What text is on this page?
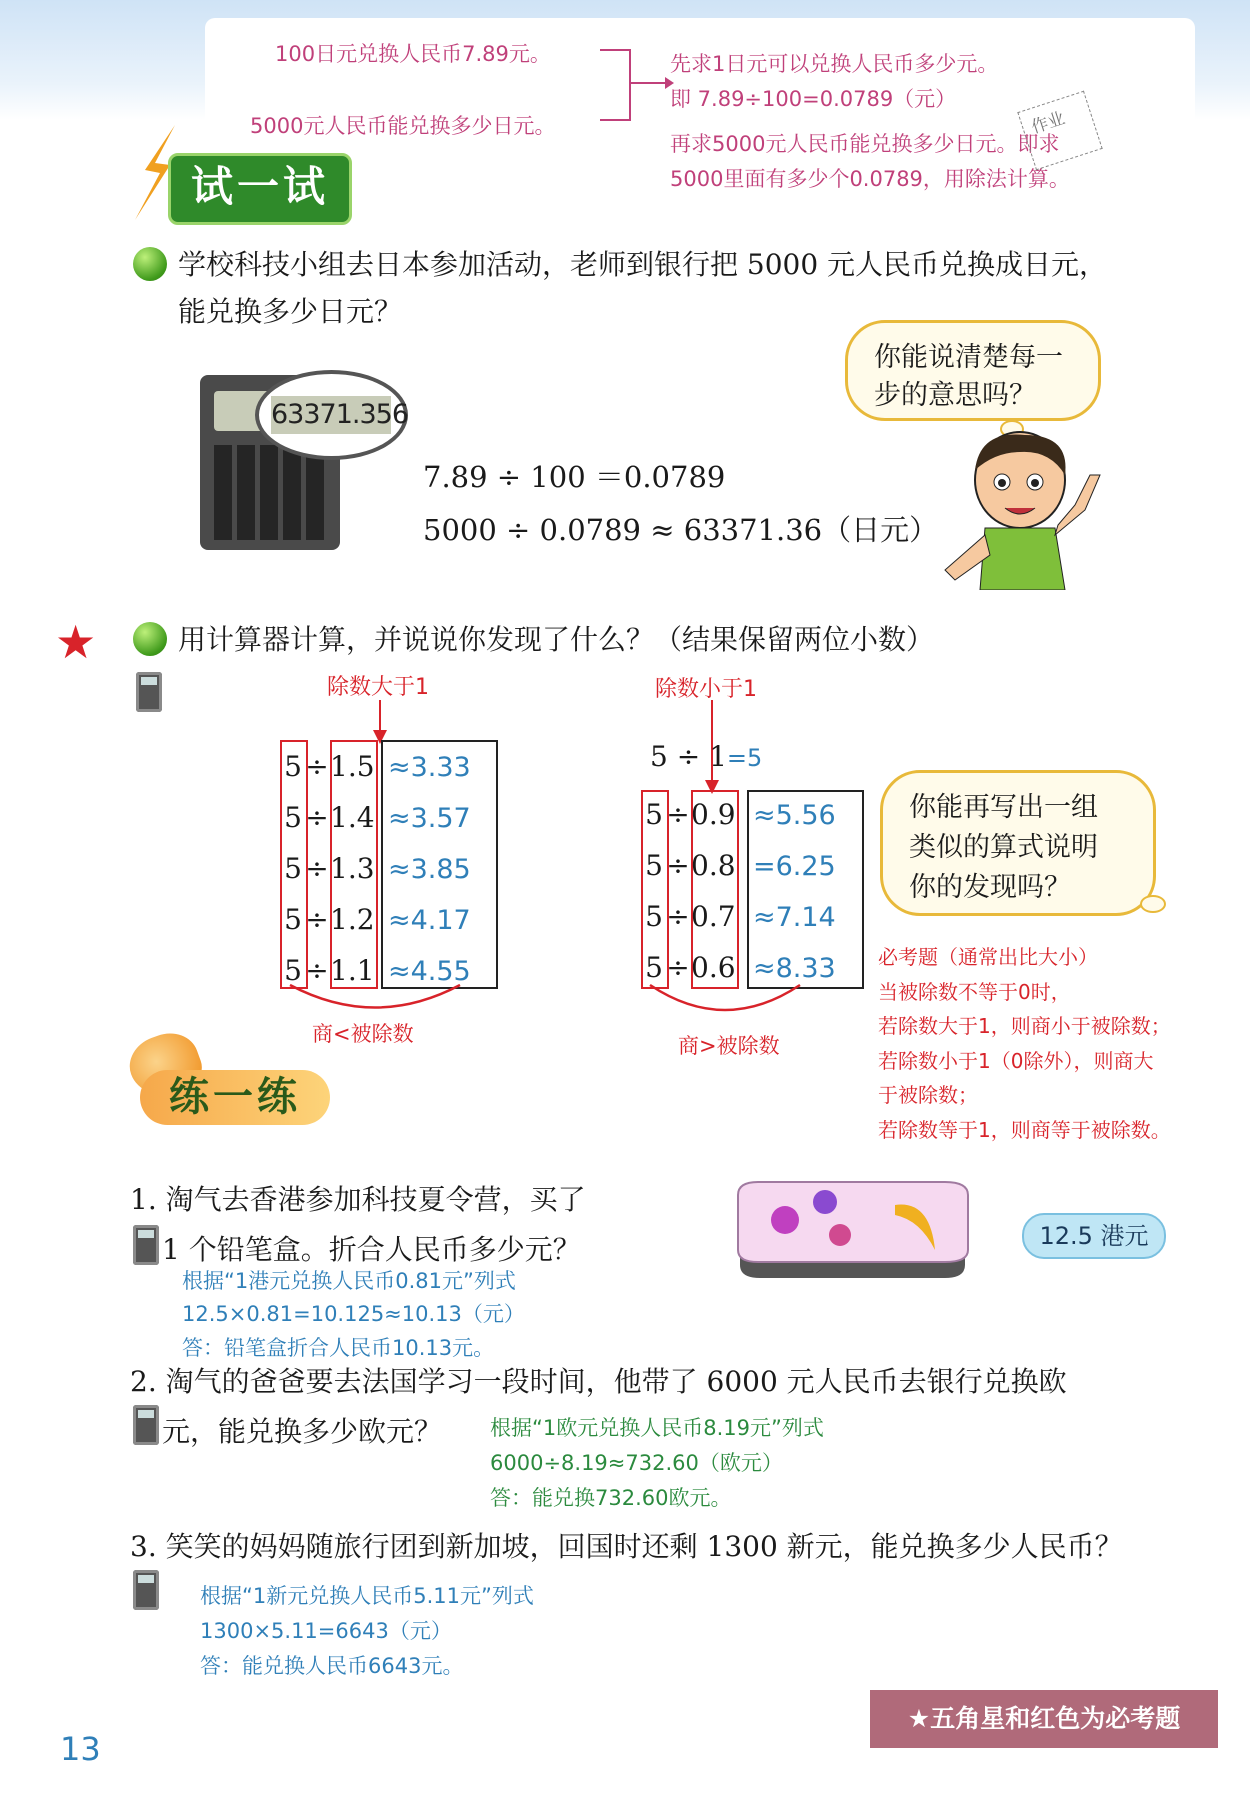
100日元兑换人民币7.89元。
5000元人民币能兑换多少日元。
先求1日元可以兑换人民币多少元。
即 7.89÷100=0.0789（元）
再求5000元人民币能兑换多少日元。即求
5000里面有多少个0.0789，用除法计算。
作业
试一试
学校科技小组去日本参加活动，老师到银行把 5000 元人民币兑换成日元，
能兑换多少日元？
63371.356
7.89 ÷ 100 ＝0.0789
5000 ÷ 0.0789 ≈ 63371.36（日元）
你能说清楚每一
步的意思吗？
★	用计算器计算，并说说你发现了什么？（结果保留两位小数）
除数大于1
5 ÷1.5 ≈3.33
5 ÷1.4 ≈3.57
5 ÷1.3 ≈3.85
5 ÷1.2 ≈4.17
5 ÷1.1 ≈4.55
商<被除数
除数小于1
5 ÷ 1=5
5 ÷0.9 ≈5.56
5 ÷0.8 =6.25
5 ÷0.7 ≈7.14
5 ÷0.6 ≈8.33
商>被除数
你能再写出一组
类似的算式说明
你的发现吗？
必考题（通常出比大小）
当被除数不等于0时，
若除数大于1，则商小于被除数；
若除数小于1（0除外），则商大
于被除数；
若除数等于1，则商等于被除数。
练一练
1. 淘气去香港参加科技夏令营，买了
1 个铅笔盒。折合人民币多少元？	12.5 港元
根据“1港元兑换人民币0.81元”列式
12.5×0.81=10.125≈10.13（元）
答：铅笔盒折合人民币10.13元。
2. 淘气的爸爸要去法国学习一段时间，他带了 6000 元人民币去银行兑换欧
元，能兑换多少欧元？ 根据“1欧元兑换人民币8.19元”列式
6000÷8.19≈732.60（欧元）
答：能兑换732.60欧元。
3. 笑笑的妈妈随旅行团到新加坡，回国时还剩 1300 新元，能兑换多少人民币？
根据“1新元兑换人民币5.11元”列式
1300×5.11=6643（元）
答：能兑换人民币6643元。
13
★五角星和红色为必考题
